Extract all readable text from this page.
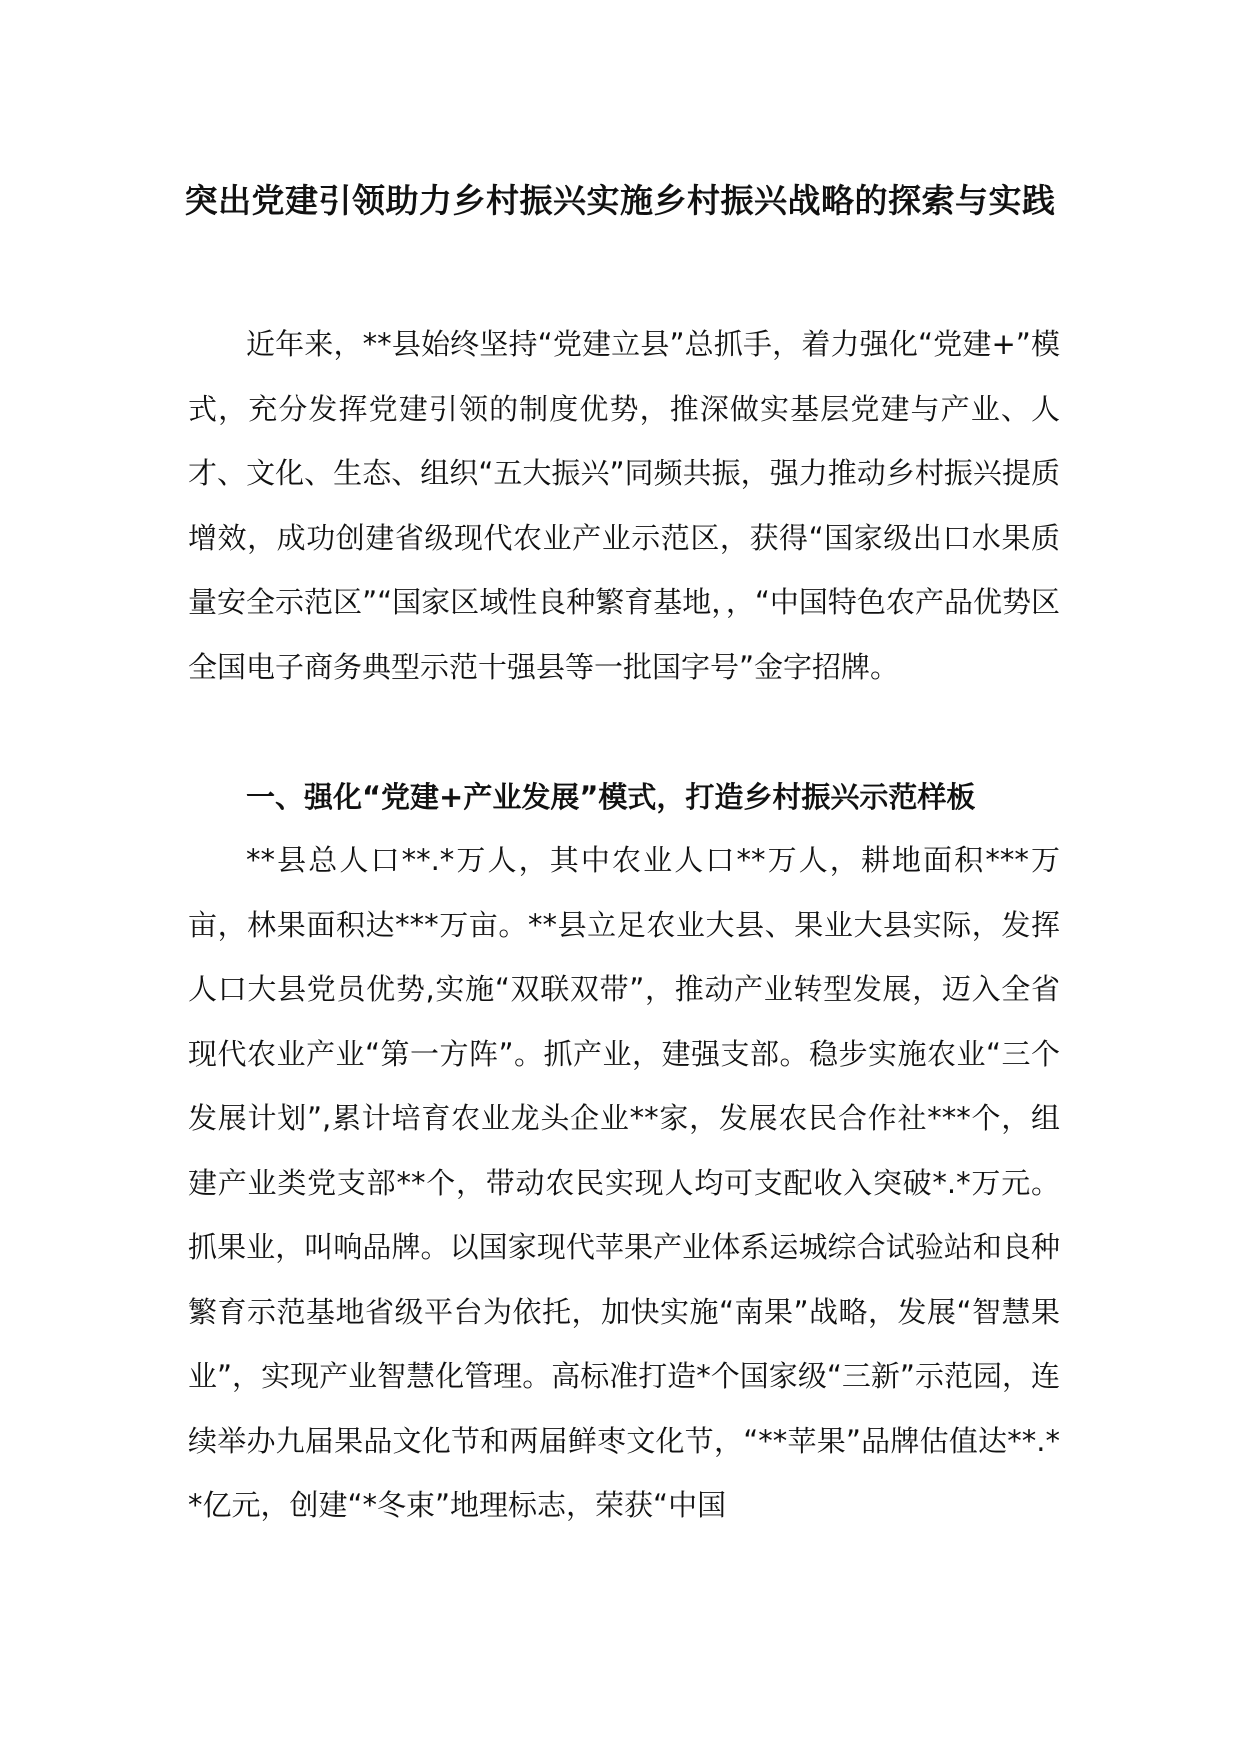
突出党建引领助力乡村振兴实施乡村振兴战略的探索与实践

近年来，**县始终坚持“党建立县”总抓手，着力强化“党建+”模式，充分发挥党建引领的制度优势，推深做实基层党建与产业、人才、文化、生态、组织“五大振兴”同频共振，强力推动乡村振兴提质增效，成功创建省级现代农业产业示范区，获得“国家级出口水果质量安全示范区”“国家区域性良种繁育基地，，“中国特色农产品优势区全国电子商务典型示范十强县等一批国字号”金字招牌。

一、强化“党建+产业发展”模式，打造乡村振兴示范样板

**县总人口**.*万人，其中农业人口**万人，耕地面积***万亩，林果面积达***万亩。**县立足农业大县、果业大县实际，发挥人口大县党员优势,实施“双联双带”，推动产业转型发展，迈入全省现代农业产业“第一方阵”。抓产业，建强支部。稳步实施农业“三个发展计划”,累计培育农业龙头企业**家，发展农民合作社***个，组建产业类党支部**个，带动农民实现人均可支配收入突破*.*万元。抓果业，叫响品牌。以国家现代苹果产业体系运城综合试验站和良种繁育示范基地省级平台为依托，加快实施“南果”战略，发展“智慧果业”，实现产业智慧化管理。高标准打造*个国家级“三新”示范园，连续举办九届果品文化节和两届鲜枣文化节，“**苹果”品牌估值达**.**亿元，创建“*冬束”地理标志，荣获“中国
